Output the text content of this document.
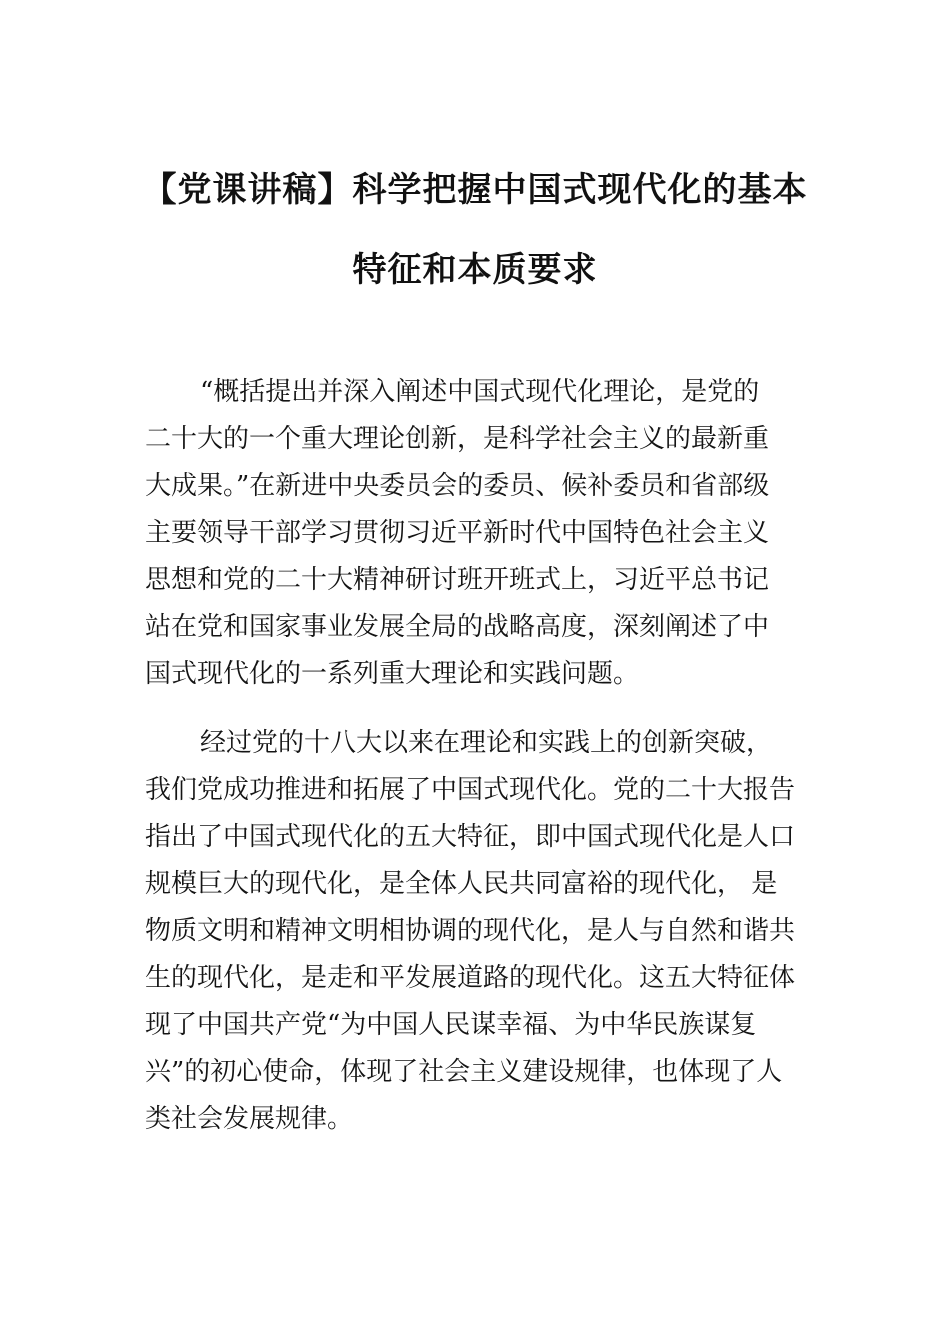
【党课讲稿】科学把握中国式现代化的基本
特征和本质要求
“概括提出并深入阐述中国式现代化理论，是党的
二十大的一个重大理论创新，是科学社会主义的最新重
大成果。”在新进中央委员会的委员、候补委员和省部级
主要领导干部学习贯彻习近平新时代中国特色社会主义
思想和党的二十大精神研讨班开班式上，习近平总书记
站在党和国家事业发展全局的战略高度，深刻阐述了中
国式现代化的一系列重大理论和实践问题。
经过党的十八大以来在理论和实践上的创新突破，
我们党成功推进和拓展了中国式现代化。党的二十大报告
指出了中国式现代化的五大特征，即中国式现代化是人口
规模巨大的现代化，是全体人民共同富裕的现代化， 是
物质文明和精神文明相协调的现代化，是人与自然和谐共
生的现代化，是走和平发展道路的现代化。这五大特征体
现了中国共产党“为中国人民谋幸福、为中华民族谋复
兴”的初心使命，体现了社会主义建设规律，也体现了人
类社会发展规律。
